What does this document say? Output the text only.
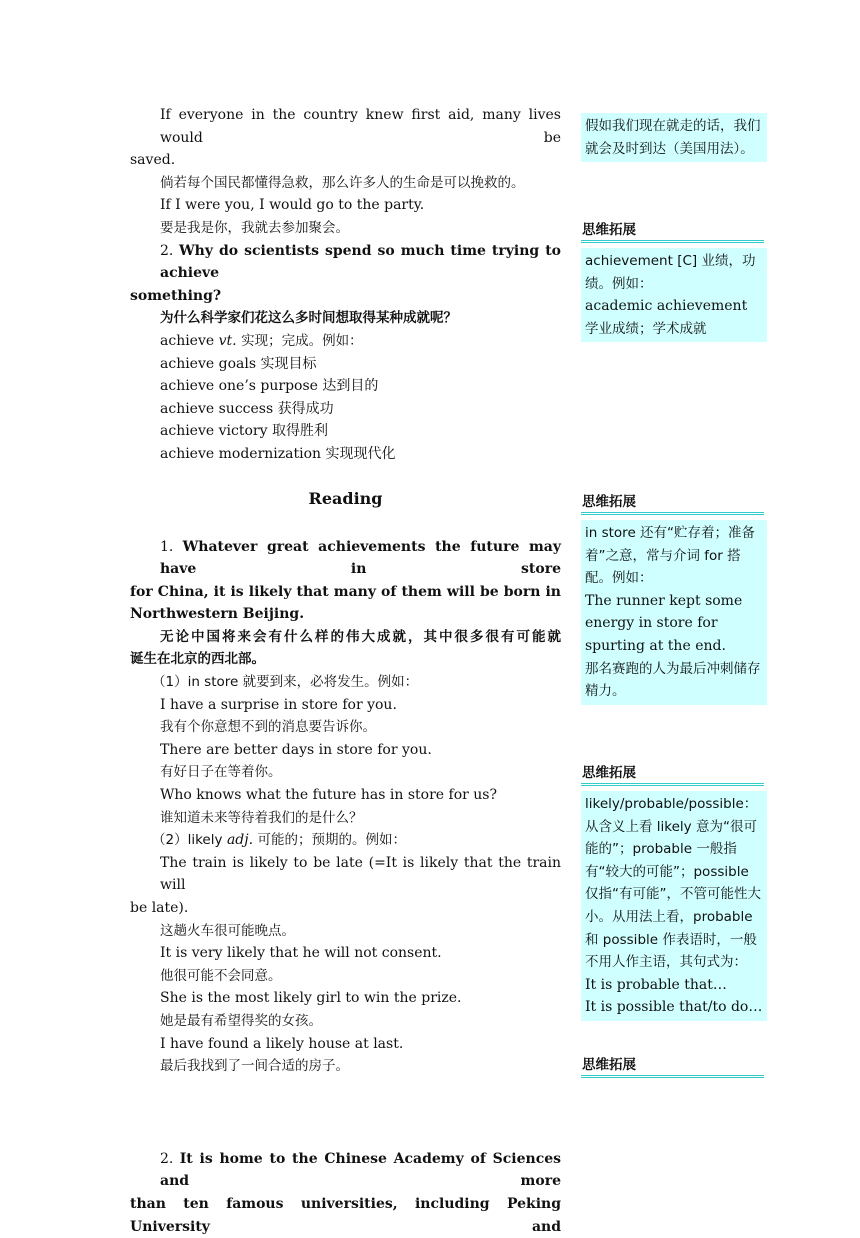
If everyone in the country knew first aid, many lives would be
saved.
倘若每个国民都懂得急救，那么许多人的生命是可以挽救的。
If I were you, I would go to the party.
要是我是你，我就去参加聚会。
2. Why do scientists spend so much time trying to achieve
something?
为什么科学家们花这么多时间想取得某种成就呢？
achieve vt. 实现；完成。例如：
achieve goals 实现目标
achieve one’s purpose 达到目的
achieve success 获得成功
achieve victory 取得胜利
achieve modernization 实现现代化
Reading
1. Whatever great achievements the future may have in store
for China, it is likely that many of them will be born in
Northwestern Beijing.
无论中国将来会有什么样的伟大成就，其中很多很有可能就
诞生在北京的西北部。
（1）in store 就要到来，必将发生。例如：
I have a surprise in store for you.
我有个你意想不到的消息要告诉你。
There are better days in store for you.
有好日子在等着你。
Who knows what the future has in store for us?
谁知道未来等待着我们的是什么？
（2）likely adj. 可能的；预期的。例如：
The train is likely to be late (=It is likely that the train will
be late).
这趟火车很可能晚点。
It is very likely that he will not consent.
他很可能不会同意。
She is the most likely girl to win the prize.
她是最有希望得奖的女孩。
I have found a likely house at last.
最后我找到了一间合适的房子。
2. It is home to the Chinese Academy of Sciences and more
than ten famous universities, including Peking University and
假如我们现在就走的话，我们就会及时到达（美国用法）。
思维拓展
achievement [C] 业绩，功绩。例如：
academic achievement
学业成绩；学术成就
思维拓展
in store 还有“贮存着；准备着”之意，常与介词 for 搭配。例如：
The runner kept some energy in store for spurting at the end.
那名赛跑的人为最后冲刺储存精力。
思维拓展
likely/probable/possible：从含义上看 likely 意为“很可能的”；probable 一般指有“较大的可能”；possible 仅指“有可能”，不管可能性大小。从用法上看，probable 和 possible 作表语时，一般不用人作主语，其句式为：
It is probable that…
It is possible that/to do…
思维拓展
